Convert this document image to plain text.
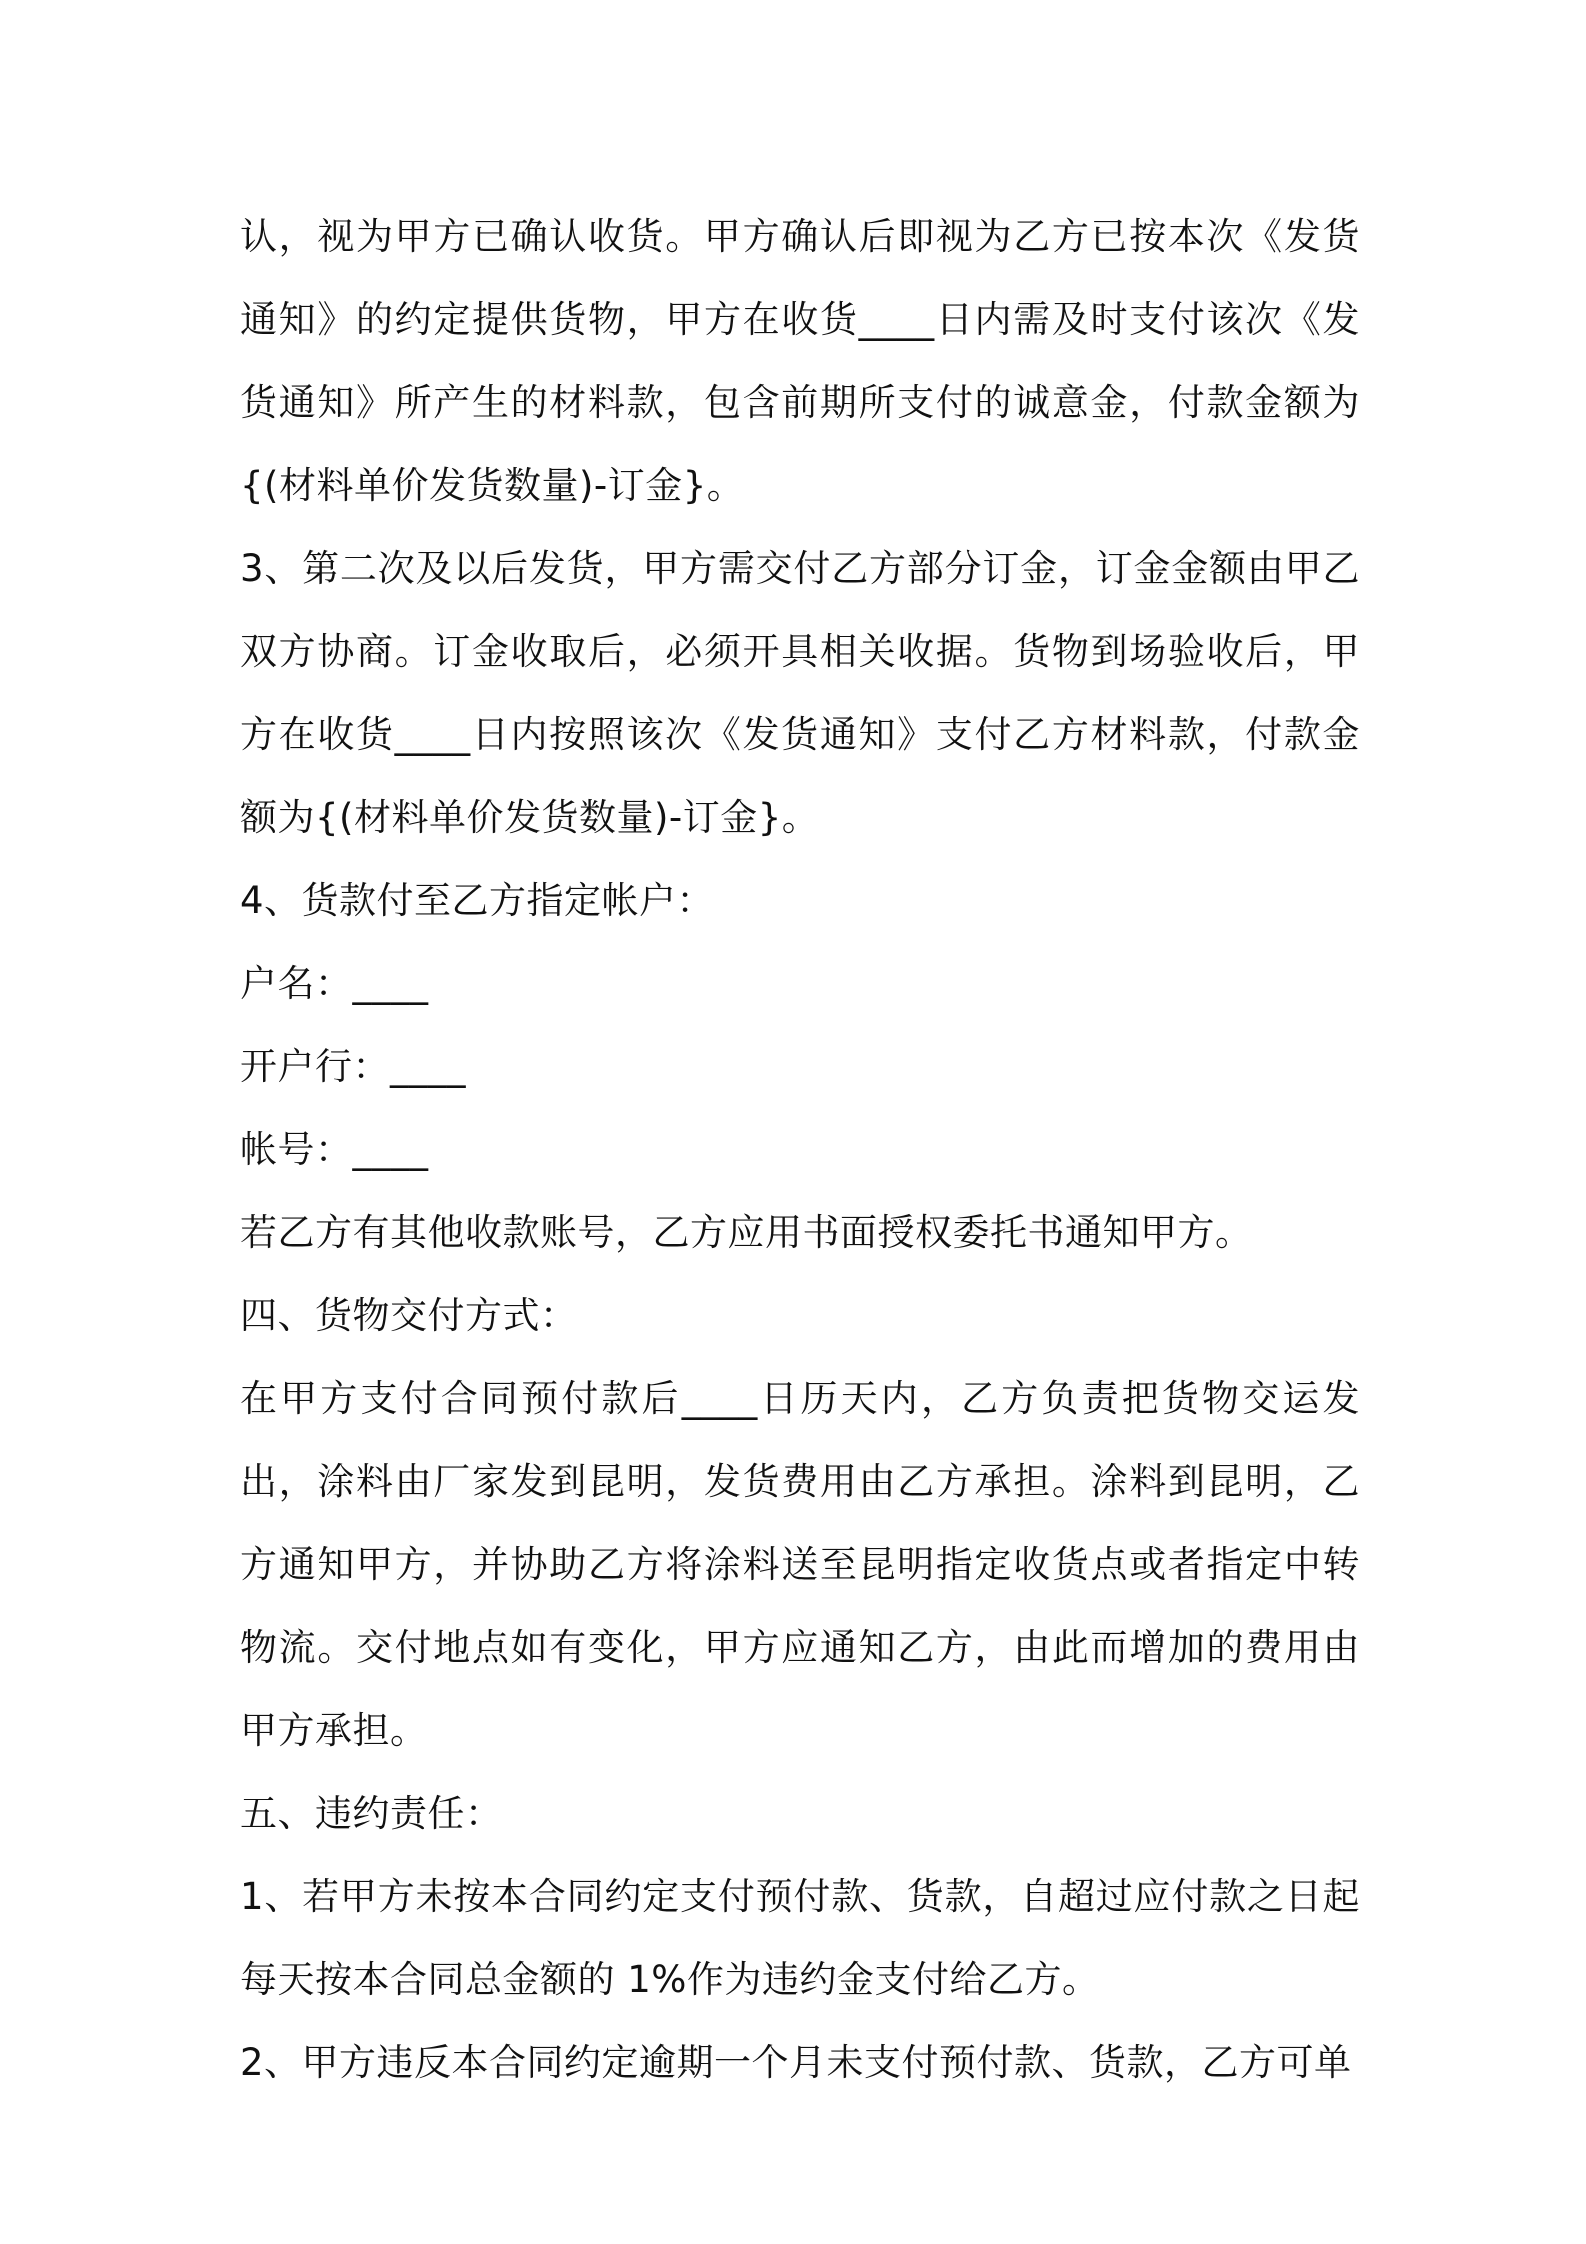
认，视为甲方已确认收货。甲方确认后即视为乙方已按本次《发货通知》的约定提供货物，甲方在收货____日内需及时支付该次《发货通知》所产生的材料款，包含前期所支付的诚意金，付款金额为{(材料单价发货数量)-订金}。

3、第二次及以后发货，甲方需交付乙方部分订金，订金金额由甲乙双方协商。订金收取后，必须开具相关收据。货物到场验收后，甲方在收货____日内按照该次《发货通知》支付乙方材料款，付款金额为{(材料单价发货数量)-订金}。

4、货款付至乙方指定帐户：

户名：____

开户行：____

帐号：____

若乙方有其他收款账号，乙方应用书面授权委托书通知甲方。

四、货物交付方式：

在甲方支付合同预付款后____日历天内，乙方负责把货物交运发出，涂料由厂家发到昆明，发货费用由乙方承担。涂料到昆明，乙方通知甲方，并协助乙方将涂料送至昆明指定收货点或者指定中转物流。交付地点如有变化，甲方应通知乙方，由此而增加的费用由甲方承担。

五、违约责任：

1、若甲方未按本合同约定支付预付款、货款，自超过应付款之日起每天按本合同总金额的 1%作为违约金支付给乙方。

2、甲方违反本合同约定逾期一个月未支付预付款、货款，乙方可单
